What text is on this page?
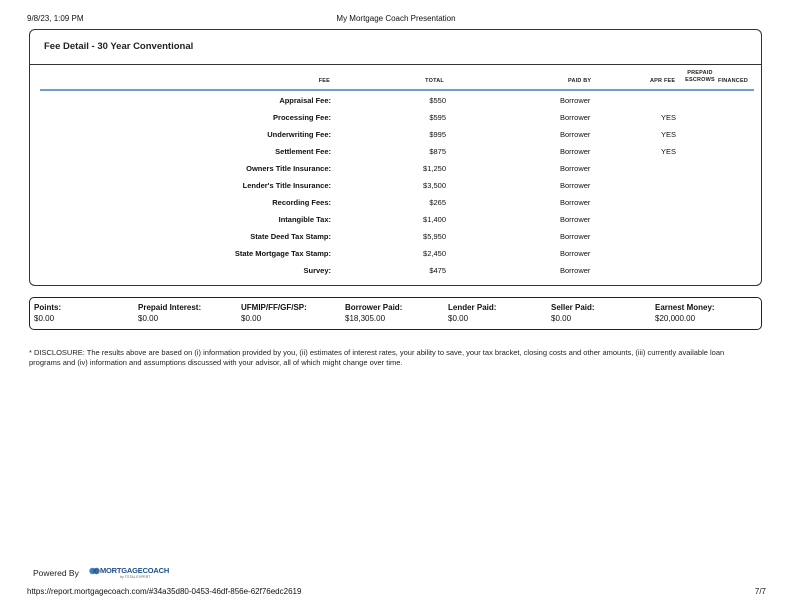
9/8/23, 1:09 PM	My Mortgage Coach Presentation
Fee Detail - 30 Year Conventional
FEE	TOTAL	PAID BY	APR FEE
PREPAID
ESCROWS FINANCED
Appraisal Fee:	$550	Borrower
Processing Fee:	$595	Borrower	YES
Underwriting Fee:	$995	Borrower	YES
Settlement Fee:	$875	Borrower	YES
Owners Title Insurance:	$1,250	Borrower
Lender's Title Insurance:	$3,500	Borrower
Recording Fees:	$265	Borrower
Intangible Tax:	$1,400	Borrower
State Deed Tax Stamp:	$5,950	Borrower
State Mortgage Tax Stamp:	$2,450	Borrower
Survey:	$475	Borrower
Points:
$0.00
Prepaid Interest:
$0.00
UFMIP/FF/GF/SP:
$0.00
Borrower Paid:
$18,305.00
Lender Paid:
$0.00
Seller Paid:
$0.00
Earnest Money:
$20,000.00
* DISCLOSURE: The results above are based on (i) information provided by you, (ii) estimates of interest rates, your ability to save, your tax bracket, closing costs and other amounts, (iii) currently available loan programs and (iv) information and assumptions discussed with your advisor, all of which might change over time.
Powered By	MORTGAGECOACH
by TOTAL EXPERT
https://report.mortgagecoach.com/#34a35d80-0453-46df-856e-62f76edc2619	7/7
